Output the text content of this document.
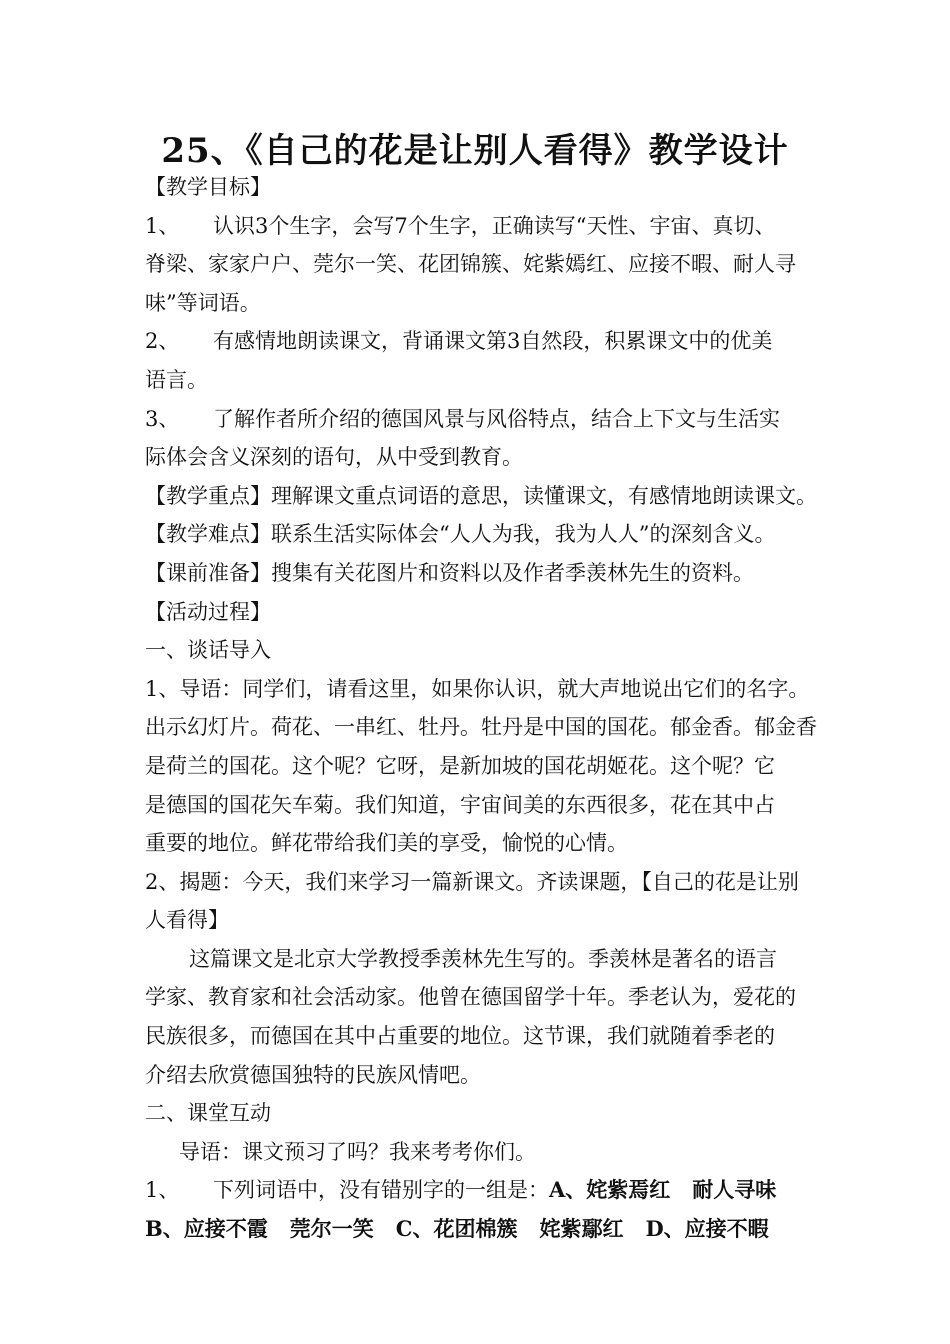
25、《自己的花是让别人看得》教学设计
【教学目标】
1、 认识3个生字，会写7个生字，正确读写“天性、宇宙、真切、
脊梁、家家户户、莞尔一笑、花团锦簇、姹紫嫣红、应接不暇、耐人寻
味”等词语。
2、 有感情地朗读课文，背诵课文第3自然段，积累课文中的优美
语言。
3、 了解作者所介绍的德国风景与风俗特点，结合上下文与生活实
际体会含义深刻的语句，从中受到教育。
【教学重点】理解课文重点词语的意思，读懂课文，有感情地朗读课文。
【教学难点】联系生活实际体会“人人为我，我为人人”的深刻含义。
【课前准备】搜集有关花图片和资料以及作者季羡林先生的资料。
【活动过程】
一、谈话导入
1、导语：同学们，请看这里，如果你认识，就大声地说出它们的名字。
出示幻灯片。荷花、一串红、牡丹。牡丹是中国的国花。郁金香。郁金香
是荷兰的国花。这个呢？它呀，是新加坡的国花胡姬花。这个呢？它
是德国的国花矢车菊。我们知道，宇宙间美的东西很多，花在其中占
重要的地位。鲜花带给我们美的享受，愉悦的心情。
2、揭题：今天，我们来学习一篇新课文。齐读课题，【自己的花是让别
人看得】
这篇课文是北京大学教授季羡林先生写的。季羡林是著名的语言
学家、教育家和社会活动家。他曾在德国留学十年。季老认为，爱花的
民族很多，而德国在其中占重要的地位。这节课，我们就随着季老的
介绍去欣赏德国独特的民族风情吧。
二、课堂互动
导语：课文预习了吗？我来考考你们。
1、 下列词语中，没有错别字的一组是：A、姹紫焉红 耐人寻味
B、应接不霞 莞尔一笑 C、花团棉簇 姹紫鄢红 D、应接不暇
